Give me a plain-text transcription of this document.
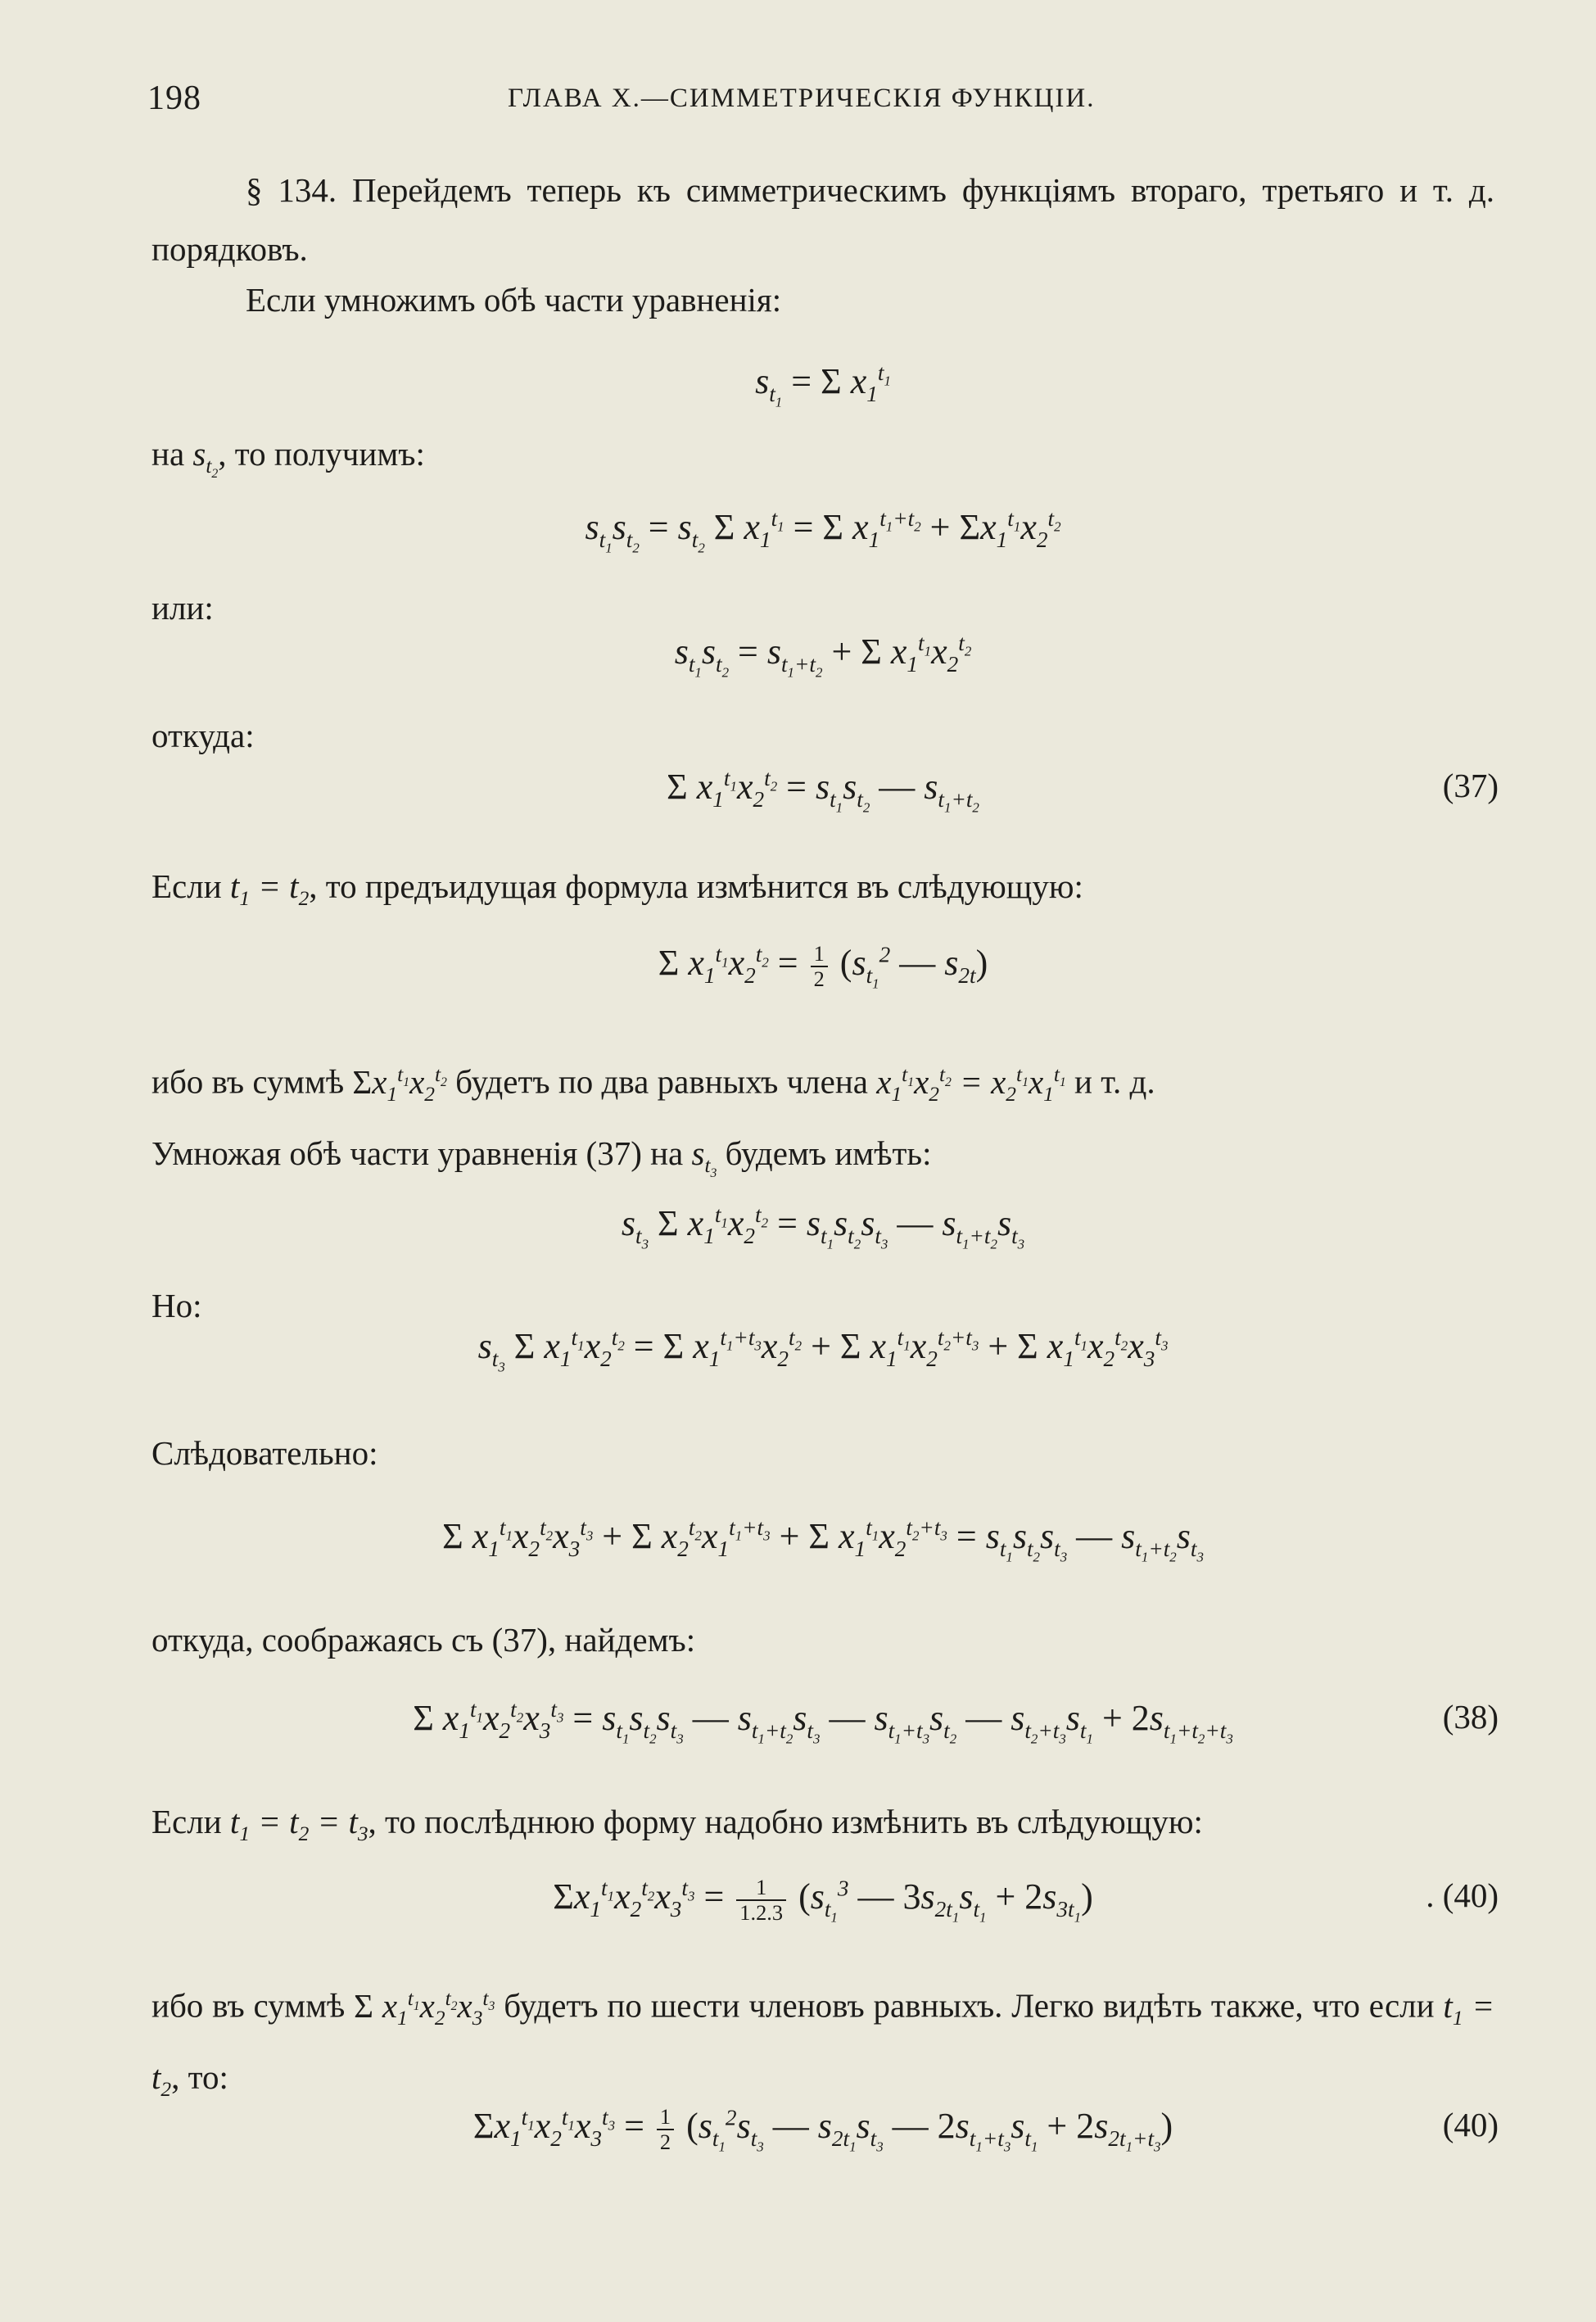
198	ГЛАВА X.—СИММЕТРИЧЕСКІЯ ФУНКЦІИ.
§ 134. Перейдемъ теперь къ симметрическимъ функціямъ втораго, третьяго и т. д. порядковъ.
Если умножимъ обѣ части уравненія:
$s_{t_1} = \Sigma$ $x_1^{t_1}$
на $s_{t_2}$, то получимъ:
$s_{t_1}s_{t_2} = s_{t_2}$ Σ $x_1^{t_1} = \Sigma$ $x_1^{t_1+t_2} + \Sigma x_1^{t_1}x_2^{t_2}$
или:
$s_{t_1}s_{t_2} = s_{t_1+t_2} + \Sigma$ $x_1^{t_1}x_2^{t_2}$
откуда:
Σ $x_1^{t_1}x_2^{t_2} = s_{t_1}s_{t_2}$ — $s_{t_1+t_2}$
(37)
Если $t_1 = t_2$, то предъидущая формула измѣнится въ слѣдующую:
Σ $x_1^{t_1}x_2^{t_2} = \frac{1}{2} (s_{t_1}^2$ — $s_{2t}$)
ибо въ суммѣ $\Sigma x_1^{t_1}x_2^{t_2}$ будетъ по два равныхъ члена $x_1^{t_1}x_2^{t_2} = x_2^{t_1}x_1^{t_1}$ и т. д.
Умножая обѣ части уравненія (37) на $s_{t_3}$ будемъ имѣть:
$s_{t_3}$ Σ $x_1^{t_1}x_2^{t_2} = s_{t_1}s_{t_2}s_{t_3}$ — $s_{t_1+t_2}s_{t_3}$
Но:
$s_{t_3}$ Σ $x_1^{t_1}x_2^{t_2} = \Sigma$ $x_1^{t_1+t_3}x_2^{t_2} + \Sigma$ $x_1^{t_1}x_2^{t_2+t_3} + \Sigma$ $x_1^{t_1}x_2^{t_2}x_3^{t_3}$
Слѣдовательно:
Σ $x_1^{t_1}x_2^{t_2}x_3^{t_3} + \Sigma$ $x_2^{t_2}x_1^{t_1+t_3} + \Sigma$ $x_1^{t_1}x_2^{t_2+t_3} = s_{t_1}s_{t_2}s_{t_3}$ — $s_{t_1+t_2}s_{t_3}$
откуда, соображаясь съ (37), найдемъ:
Σ $x_1^{t_1}x_2^{t_2}x_3^{t_3} = s_{t_1}s_{t_2}s_{t_3}$ — $s_{t_1+t_2}s_{t_3}$ — $s_{t_1+t_3}s_{t_2}$ — $s_{t_2+t_3}s_{t_1} + 2s_{t_1+t_2+t_3}$
(38)
Если $t_1 = t_2 = t_3$, то послѣднюю форму надобно измѣнить въ слѣдующую:
$\Sigma x_1^{t_1}x_2^{t_2}x_3^{t_3} = \frac{1}{1.2.3} (s_{t_1}^3$ — $3s_{2t_1}s_{t_1} + 2s_{3t_1}$)	. (40)
ибо въ суммѣ Σ $x_1^{t_1}x_2^{t_2}x_3^{t_3}$ будетъ по шести членовъ равныхъ. Легко видѣть также, что если $t_1 = t_2$, то:
$\Sigma x_1^{t_1}x_2^{t_1}x_3^{t_3} = \frac{1}{2} (s_{t_1}^2s_{t_3}$ — $s_{2t_1}s_{t_3}$ — $2s_{t_1+t_3}s_{t_1} + 2s_{2t_1+t_3}$)	(40)
